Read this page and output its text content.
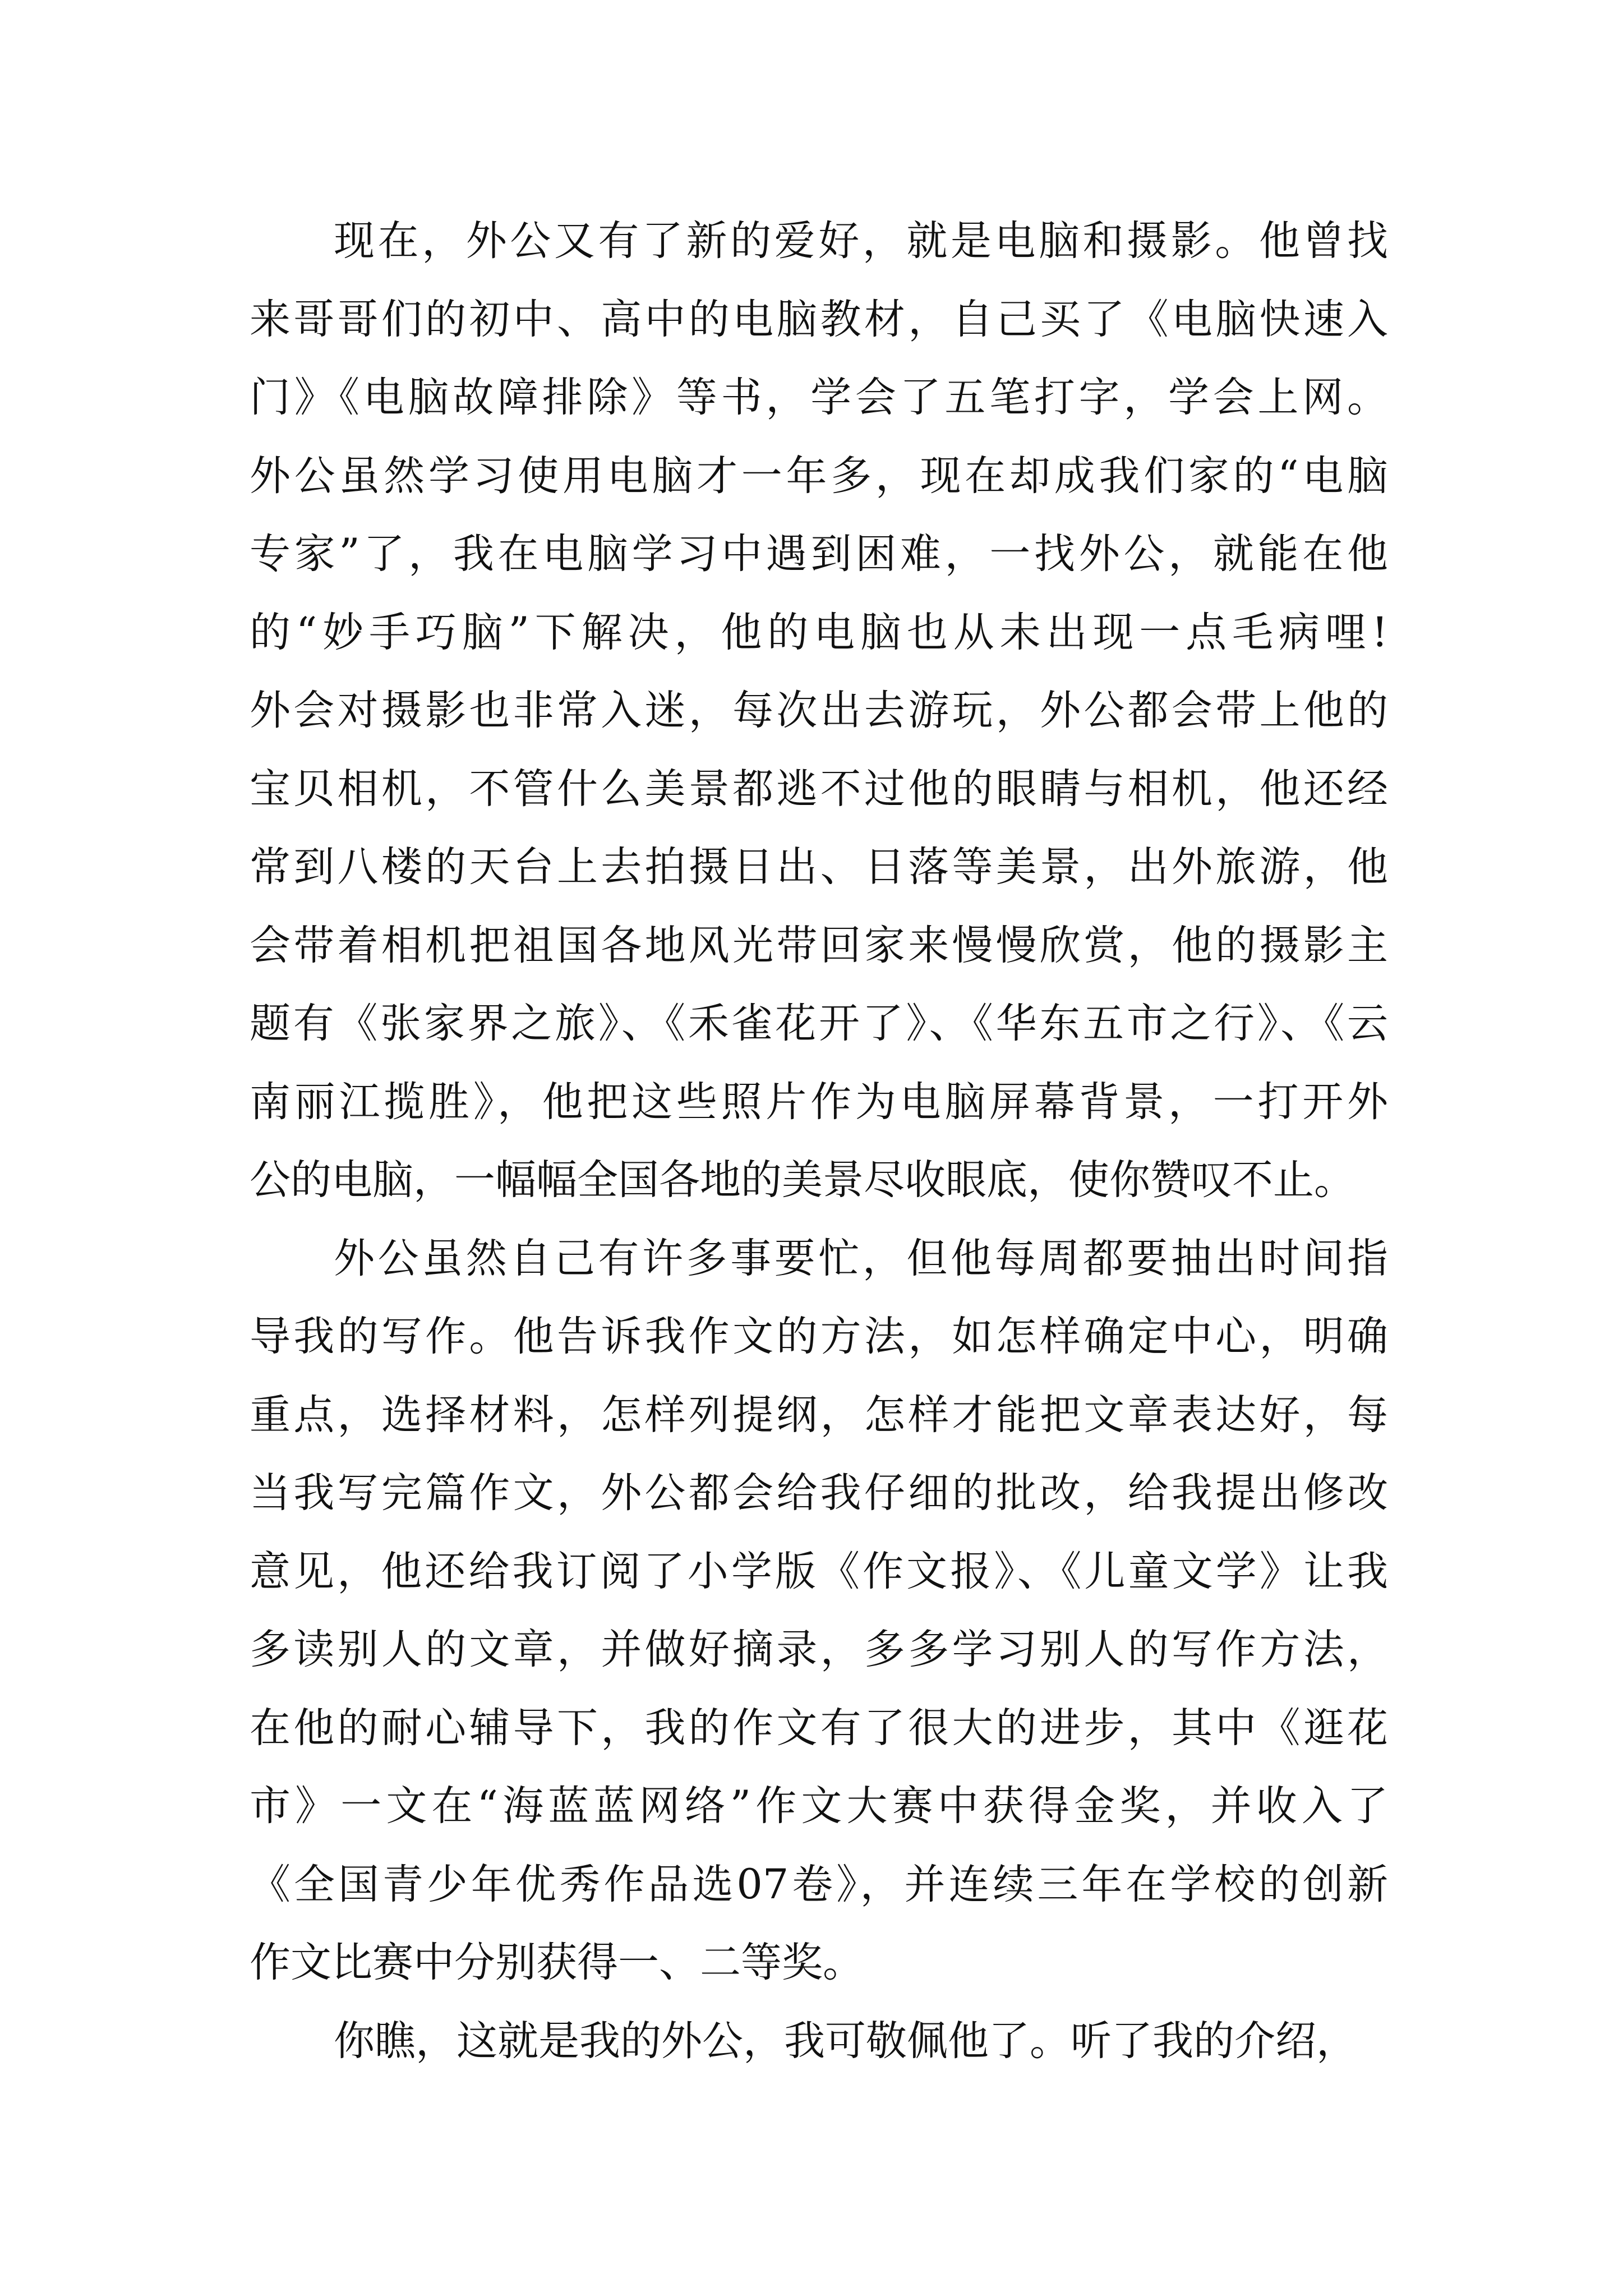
现在，外公又有了新的爱好，就是电脑和摄影。他曾找
来哥哥们的初中、高中的电脑教材，自己买了《电脑快速入
门》《电脑故障排除》等书，学会了五笔打字，学会上网。
外公虽然学习使用电脑才一年多，现在却成我们家的“电脑
专家”了，我在电脑学习中遇到困难，一找外公，就能在他
的“妙手巧脑”下解决，他的电脑也从未出现一点毛病哩!
外会对摄影也非常入迷，每次出去游玩，外公都会带上他的
宝贝相机，不管什么美景都逃不过他的眼睛与相机，他还经
常到八楼的天台上去拍摄日出、日落等美景，出外旅游，他
会带着相机把祖国各地风光带回家来慢慢欣赏，他的摄影主
题有《张家界之旅》、《禾雀花开了》、《华东五市之行》、《云
南丽江揽胜》，他把这些照片作为电脑屏幕背景，一打开外
公的电脑，一幅幅全国各地的美景尽收眼底，使你赞叹不止。
外公虽然自己有许多事要忙，但他每周都要抽出时间指
导我的写作。他告诉我作文的方法，如怎样确定中心，明确
重点，选择材料，怎样列提纲，怎样才能把文章表达好，每
当我写完篇作文，外公都会给我仔细的批改，给我提出修改
意见，他还给我订阅了小学版《作文报》、《儿童文学》让我
多读别人的文章，并做好摘录，多多学习别人的写作方法，
在他的耐心辅导下，我的作文有了很大的进步，其中《逛花
市》一文在“海蓝蓝网络”作文大赛中获得金奖，并收入了
《全国青少年优秀作品选07卷》，并连续三年在学校的创新
作文比赛中分别获得一、二等奖。
你瞧，这就是我的外公，我可敬佩他了。听了我的介绍，
